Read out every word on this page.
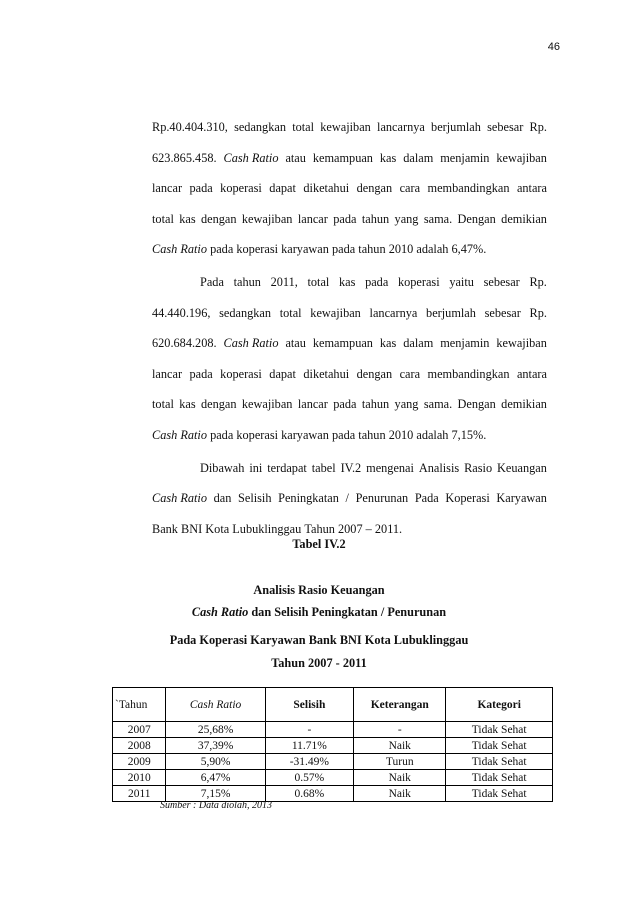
46
Rp.40.404.310, sedangkan total kewajiban lancarnya berjumlah sebesar Rp.
623.865.458. Cash Ratio atau kemampuan kas dalam menjamin kewajiban
lancar pada koperasi dapat diketahui dengan cara membandingkan antara
total kas dengan kewajiban lancar pada tahun yang sama. Dengan demikian
Cash Ratio pada koperasi karyawan pada tahun 2010 adalah 6,47%.
Pada tahun 2011, total kas pada koperasi yaitu sebesar Rp.
44.440.196, sedangkan total kewajiban lancarnya berjumlah sebesar Rp.
620.684.208. Cash Ratio atau kemampuan kas dalam menjamin kewajiban
lancar pada koperasi dapat diketahui dengan cara membandingkan antara
total kas dengan kewajiban lancar pada tahun yang sama. Dengan demikian
Cash Ratio pada koperasi karyawan pada tahun 2010 adalah 7,15%.
Dibawah ini terdapat tabel IV.2 mengenai Analisis Rasio Keuangan
Cash Ratio dan Selisih Peningkatan / Penurunan Pada Koperasi Karyawan
Bank BNI Kota Lubuklinggau Tahun 2007 – 2011.
Tabel IV.2
Analisis Rasio Keuangan
Cash Ratio dan Selisih Peningkatan / Penurunan
Pada Koperasi Karyawan Bank BNI Kota Lubuklinggau
Tahun 2007 - 2011
`Tahun	Cash Ratio	Selisih	Keterangan	Kategori
2007	25,68%	-	-	Tidak Sehat
2008	37,39%	11.71%	Naik	Tidak Sehat
2009	5,90%	-31.49%	Turun	Tidak Sehat
2010	6,47%	0.57%	Naik	Tidak Sehat
2011	7,15%	0.68%	Naik	Tidak Sehat
Sumber : Data diolah, 2013
